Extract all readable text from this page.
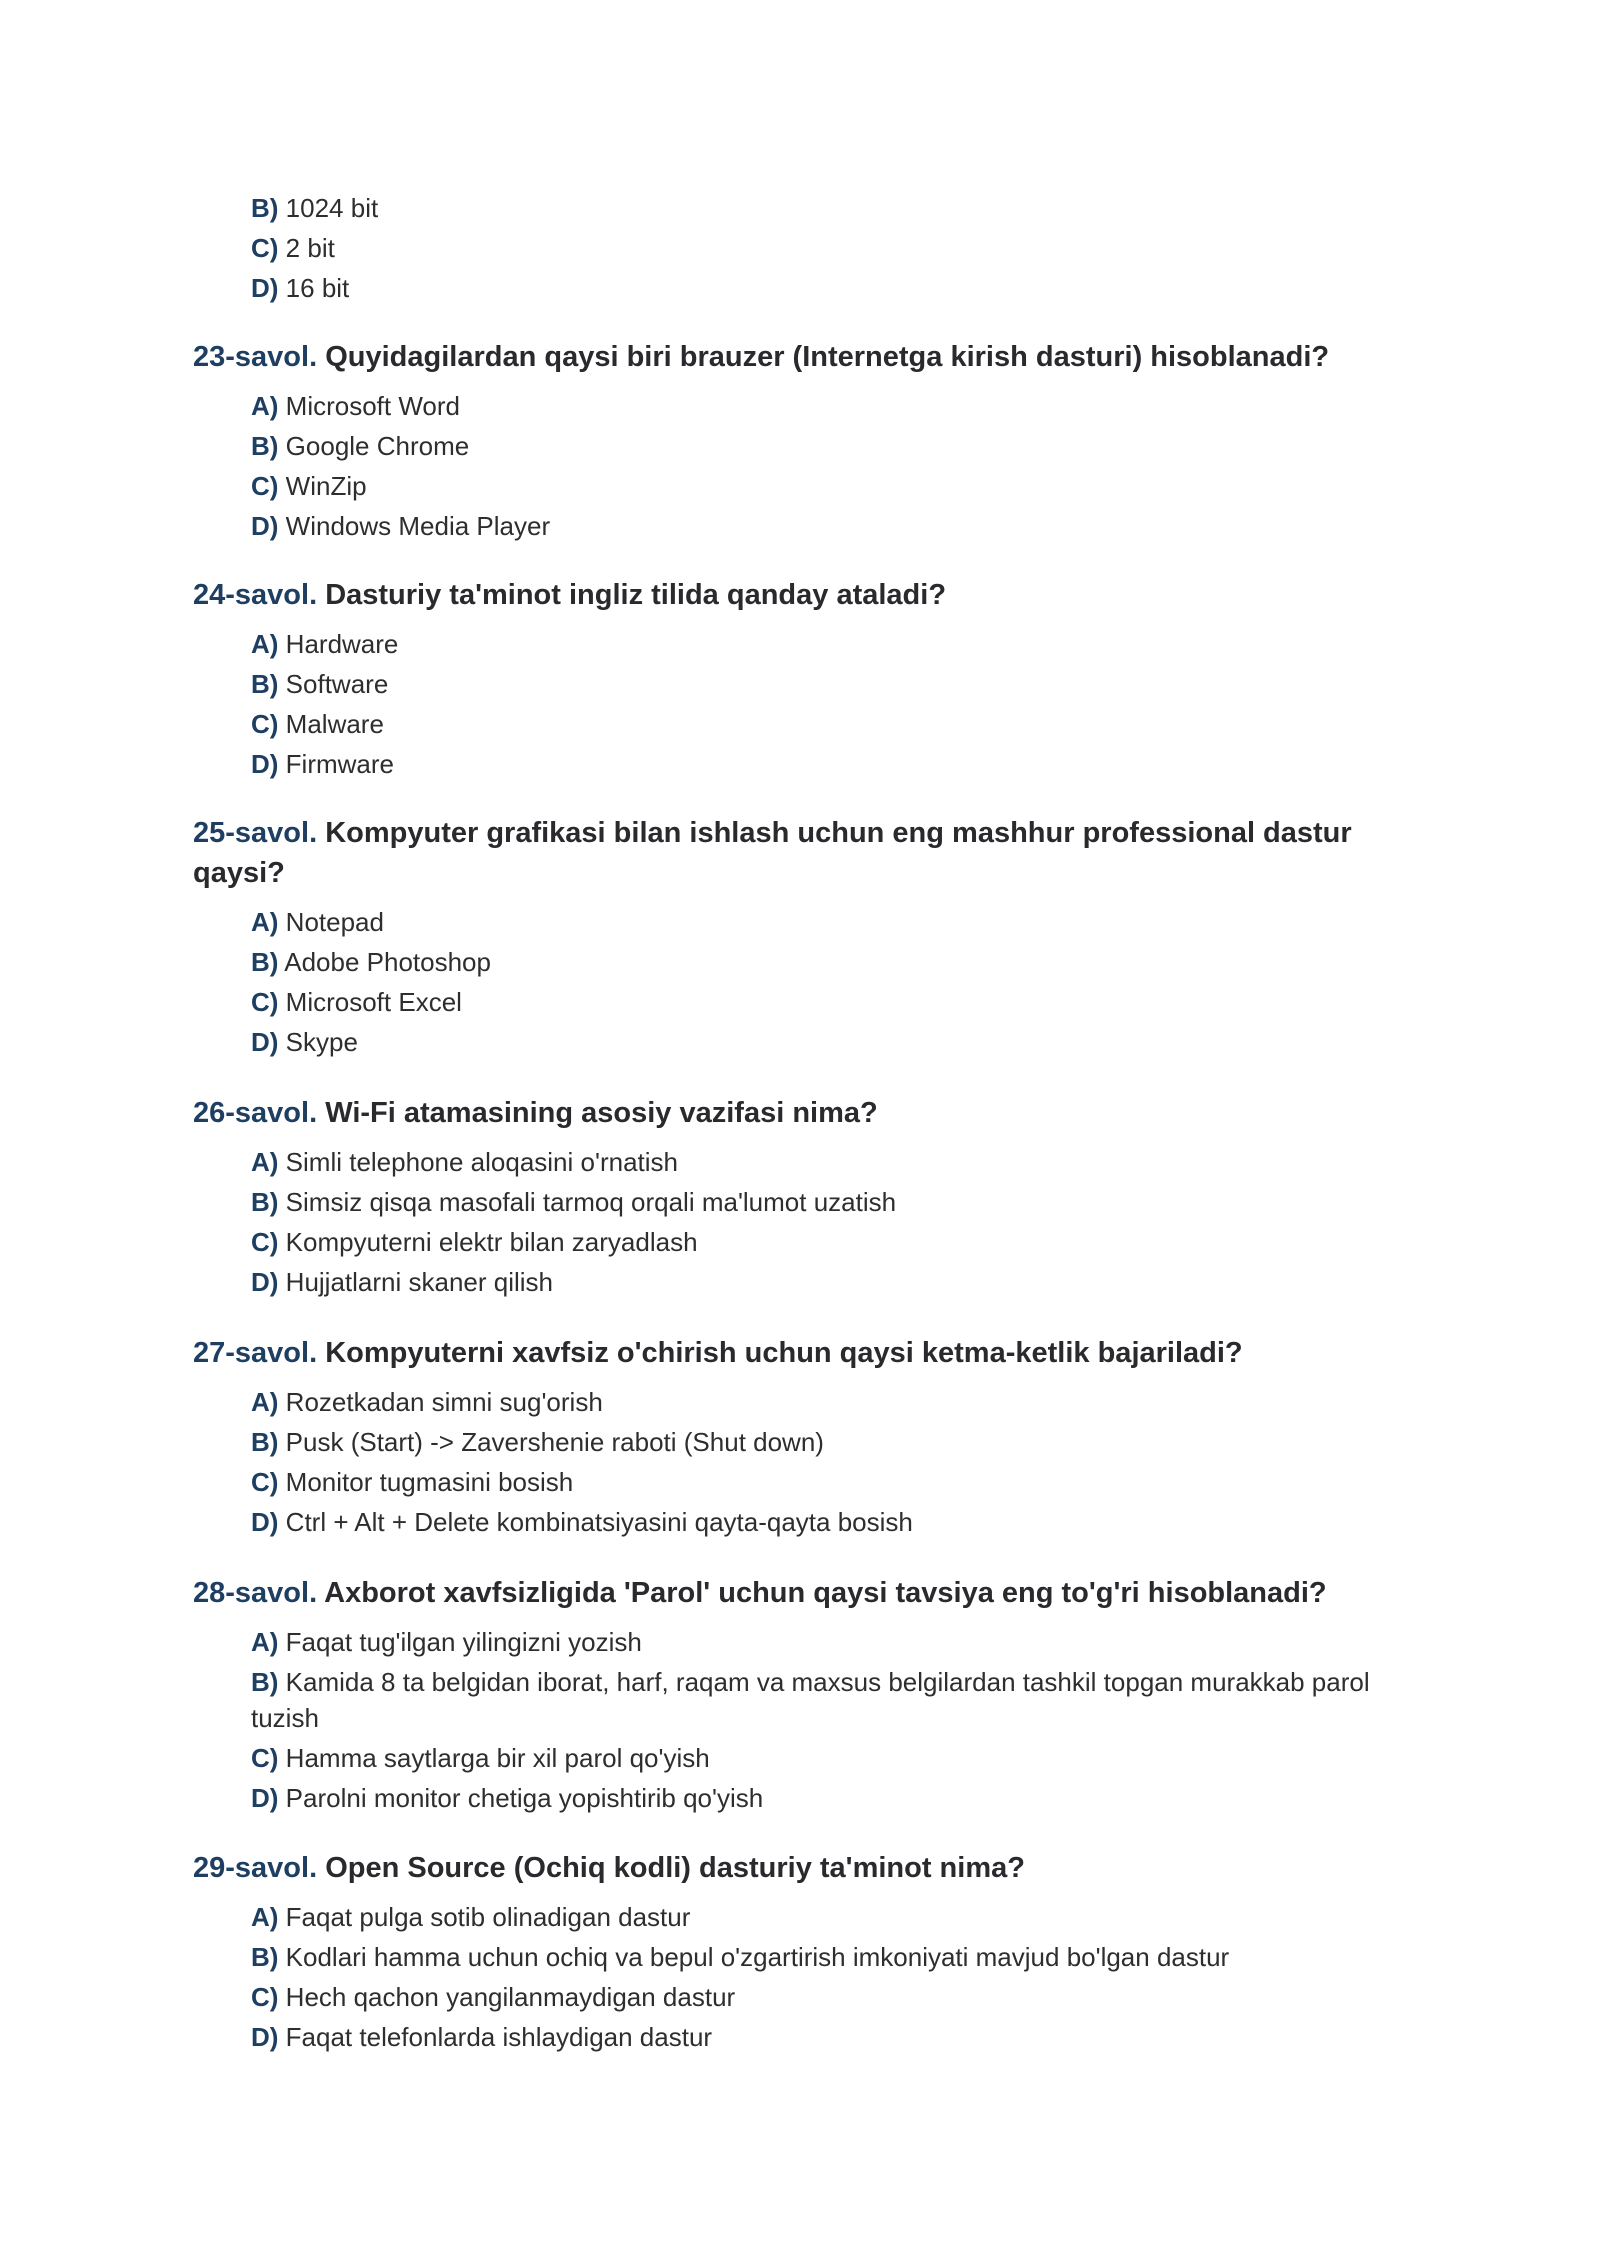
B) 1024 bit
C) 2 bit
D) 16 bit
23-savol. Quyidagilardan qaysi biri brauzer (Internetga kirish dasturi) hisoblanadi?
A) Microsoft Word
B) Google Chrome
C) WinZip
D) Windows Media Player
24-savol. Dasturiy ta'minot ingliz tilida qanday ataladi?
A) Hardware
B) Software
C) Malware
D) Firmware
25-savol. Kompyuter grafikasi bilan ishlash uchun eng mashhur professional dastur qaysi?
A) Notepad
B) Adobe Photoshop
C) Microsoft Excel
D) Skype
26-savol. Wi-Fi atamasining asosiy vazifasi nima?
A) Simli telephone aloqasini o'rnatish
B) Simsiz qisqa masofali tarmoq orqali ma'lumot uzatish
C) Kompyuterni elektr bilan zaryadlash
D) Hujjatlarni skaner qilish
27-savol. Kompyuterni xavfsiz o'chirish uchun qaysi ketma-ketlik bajariladi?
A) Rozetkadan simni sug'orish
B) Pusk (Start) -> Zavershenie raboti (Shut down)
C) Monitor tugmasini bosish
D) Ctrl + Alt + Delete kombinatsiyasini qayta-qayta bosish
28-savol. Axborot xavfsizligida 'Parol' uchun qaysi tavsiya eng to'g'ri hisoblanadi?
A) Faqat tug'ilgan yilingizni yozish
B) Kamida 8 ta belgidan iborat, harf, raqam va maxsus belgilardan tashkil topgan murakkab parol tuzish
C) Hamma saytlarga bir xil parol qo'yish
D) Parolni monitor chetiga yopishtirib qo'yish
29-savol. Open Source (Ochiq kodli) dasturiy ta'minot nima?
A) Faqat pulga sotib olinadigan dastur
B) Kodlari hamma uchun ochiq va bepul o'zgartirish imkoniyati mavjud bo'lgan dastur
C) Hech qachon yangilanmaydigan dastur
D) Faqat telefonlarda ishlaydigan dastur
